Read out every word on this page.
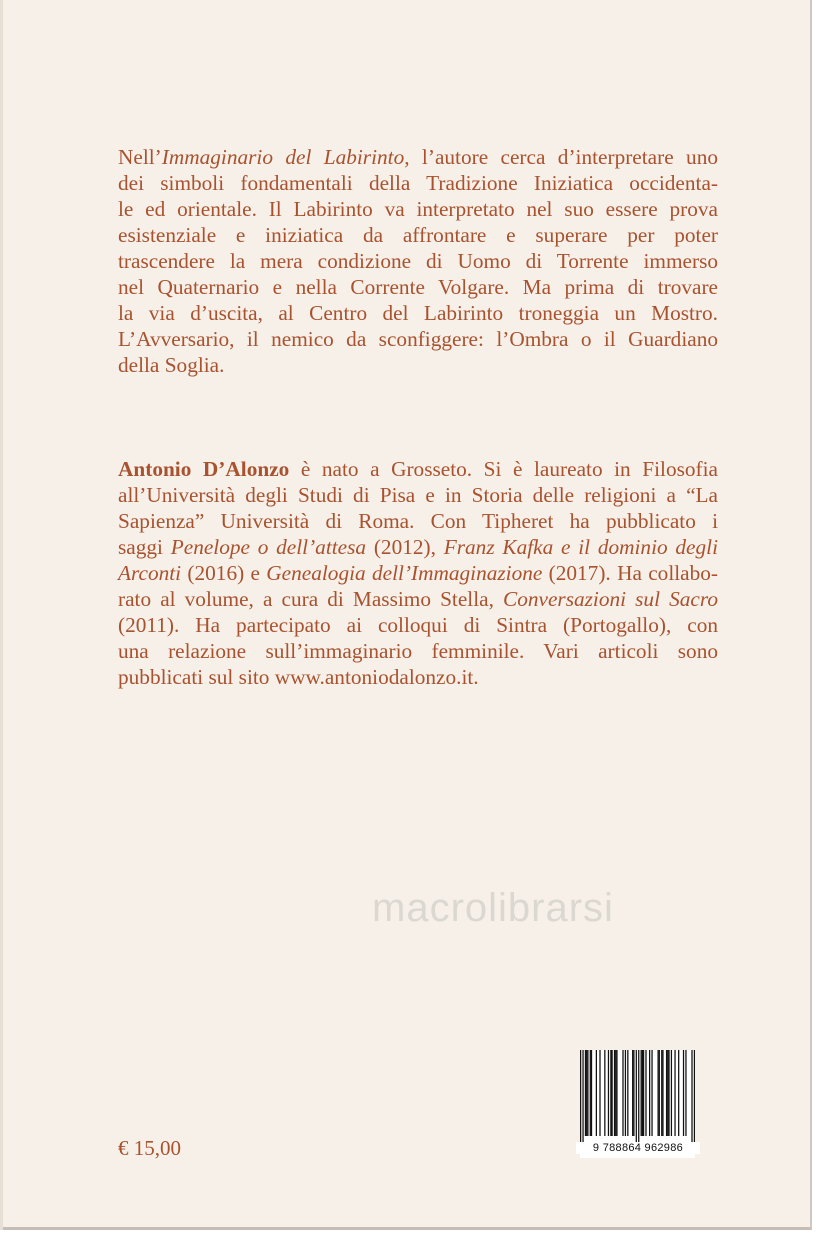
Nell’Immaginario del Labirinto, l’autore cerca d’interpretare uno
dei simboli fondamentali della Tradizione Iniziatica occidenta-
le ed orientale. Il Labirinto va interpretato nel suo essere prova
esistenziale e iniziatica da affrontare e superare per poter
trascendere la mera condizione di Uomo di Torrente immerso
nel Quaternario e nella Corrente Volgare. Ma prima di trovare
la via d’uscita, al Centro del Labirinto troneggia un Mostro.
L’Avversario, il nemico da sconfiggere: l’Ombra o il Guardiano
della Soglia.
Antonio D’Alonzo è nato a Grosseto. Si è laureato in Filosofia
all’Università degli Studi di Pisa e in Storia delle religioni a “La
Sapienza” Università di Roma. Con Tipheret ha pubblicato i
saggi Penelope o dell’attesa (2012), Franz Kafka e il dominio degli
Arconti (2016) e Genealogia dell’Immaginazione (2017). Ha collabo-
rato al volume, a cura di Massimo Stella, Conversazioni sul Sacro
(2011). Ha partecipato ai colloqui di Sintra (Portogallo), con
una relazione sull’immaginario femminile. Vari articoli sono
pubblicati sul sito www.antoniodalonzo.it.
macrolibrarsi
€ 15,00	9 788864 962986
